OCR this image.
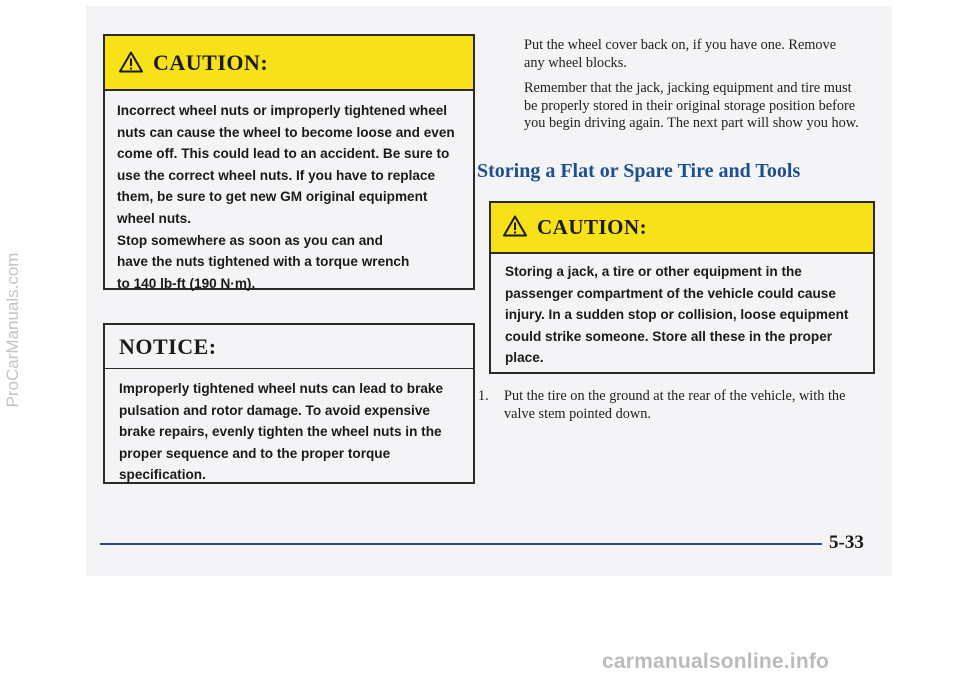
CAUTION:

Incorrect wheel nuts or improperly tightened wheel nuts can cause the wheel to become loose and even come off. This could lead to an accident. Be sure to use the correct wheel nuts. If you have to replace them, be sure to get new GM original equipment wheel nuts.

Stop somewhere as soon as you can and have the nuts tightened with a torque wrench to 140 lb-ft (190 N·m).

NOTICE:

Improperly tightened wheel nuts can lead to brake pulsation and rotor damage. To avoid expensive brake repairs, evenly tighten the wheel nuts in the proper sequence and to the proper torque specification.

Put the wheel cover back on, if you have one. Remove any wheel blocks.

Remember that the jack, jacking equipment and tire must be properly stored in their original storage position before you begin driving again. The next part will show you how.

Storing a Flat or Spare Tire and Tools
CAUTION:

Storing a jack, a tire or other equipment in the passenger compartment of the vehicle could cause injury. In a sudden stop or collision, loose equipment could strike someone. Store all these in the proper place.

1.	Put the tire on the ground at the rear of the vehicle, with the valve stem pointed down.
5-33
ProCarManuals.com
carmanualsonline.info
